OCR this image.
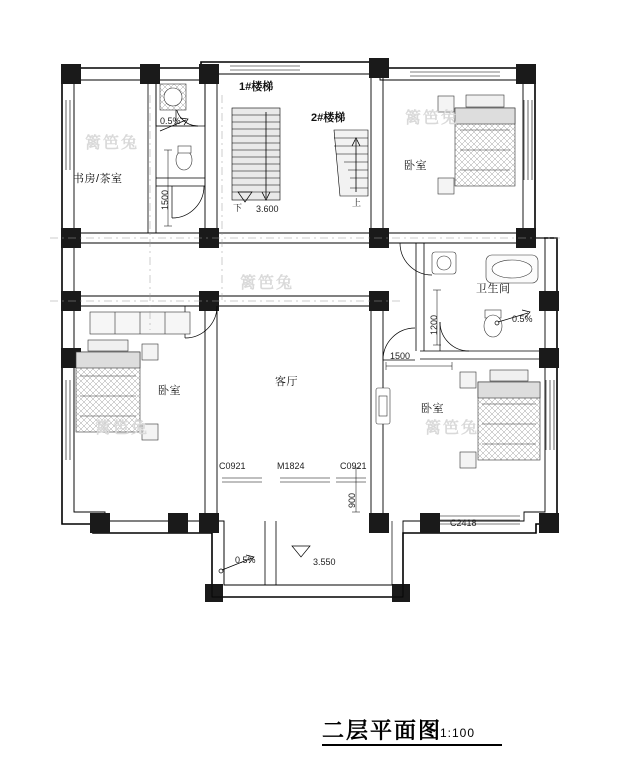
篱笆兔
篱笆兔
篱笆兔
篱笆兔	篱笆兔
书房/茶室
卧室
卫生间
卧室
客厅
卧室
1#楼梯
2#楼梯
下	上
3.600
3.550
0.5%
0.5%
0.5%
1500
1200
900
1500
C0921	M1824	C0921
C2418
二层平面图
1:100
